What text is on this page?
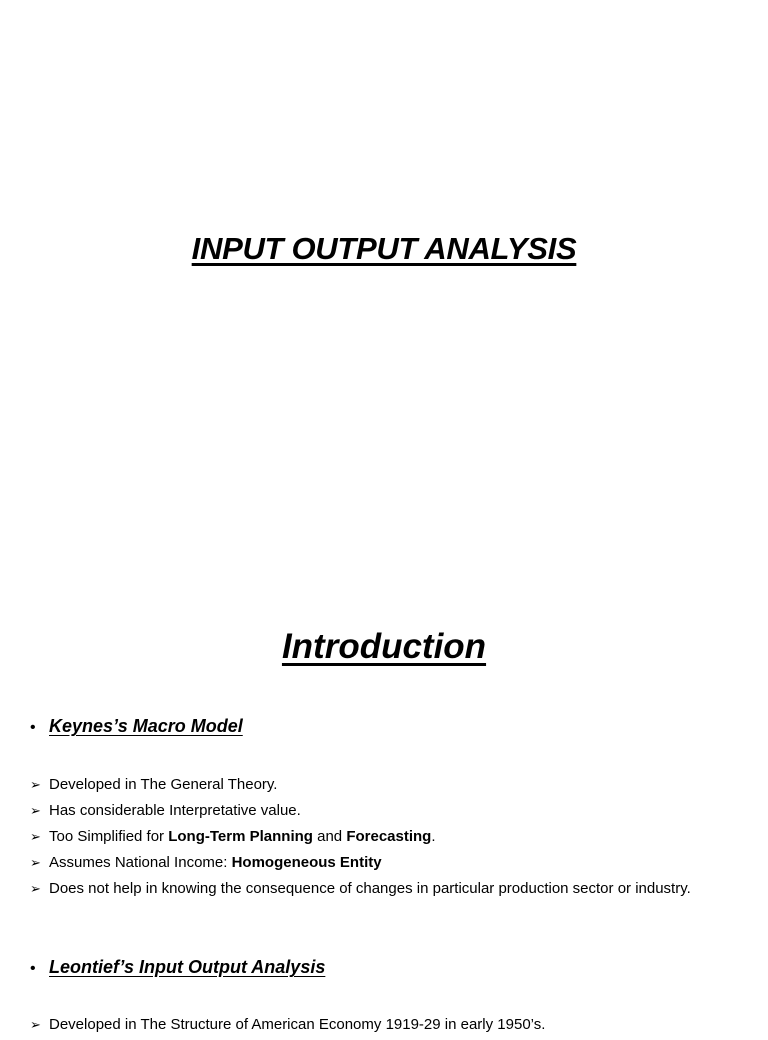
INPUT OUTPUT ANALYSIS
Introduction
• Keynes’s Macro Model
➢ Developed in The General Theory.
➢ Has considerable Interpretative value.
➢ Too Simplified for Long-Term Planning and Forecasting.
➢ Assumes National Income: Homogeneous Entity
➢ Does not help in knowing the consequence of changes in particular production sector or industry.
• Leontief’s Input Output Analysis
➢ Developed in The Structure of American Economy 1919-29 in early 1950’s.
